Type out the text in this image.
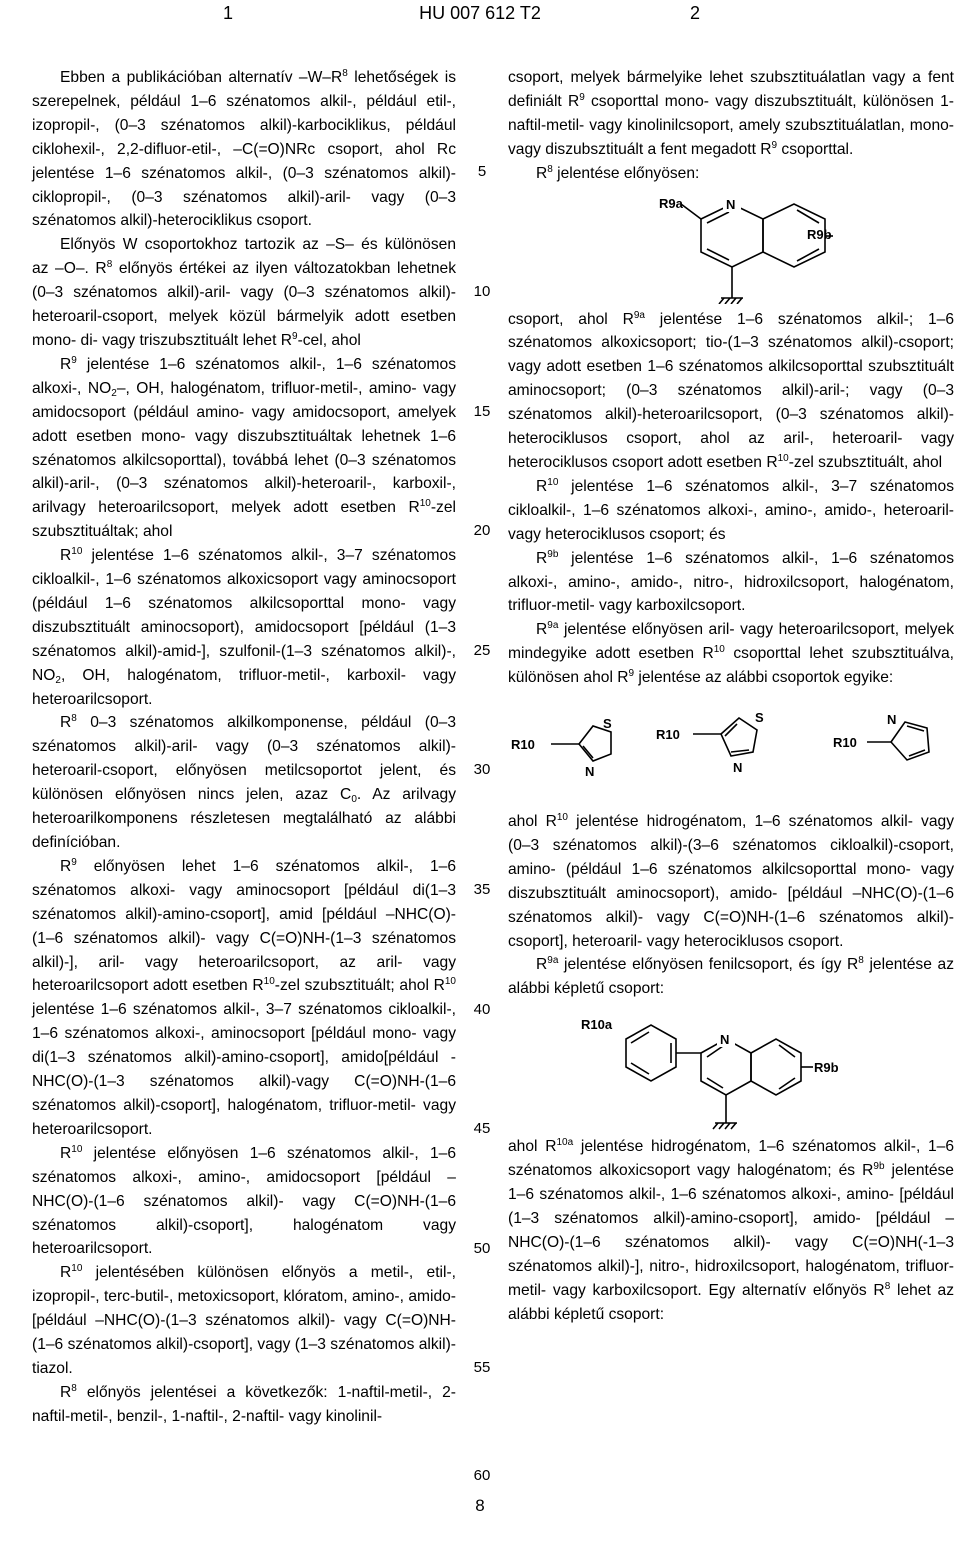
1	HU 007 612 T2	2
5
10
15
20
25
30
35
40
45
50
55
60

Ebben a publikációban alternatív $-W-R^8$ lehetőségek is szerepelnek, például 1–6 szénatomos alkil-, például etil-, izopropil-, (0–3 szénatomos alkil)-karbociklikus, például ciklohexil-, 2,2-difluor-etil-, –C(=O)NRc csoport, ahol Rc jelentése 1–6 szénatomos alkil-, (0–3 szénatomos alkil)-ciklopropil-, (0–3 szénatomos alkil)-aril- vagy (0–3 szénatomos alkil)-heterociklikus csoport.

Előnyös W csoportokhoz tartozik az –S– és különösen az –O–. $R^8$ előnyös értékei az ilyen változatokban lehetnek (0–3 szénatomos alkil)-aril- vagy (0–3 szénatomos alkil)-heteroaril-csoport, melyek közül bármelyik adott esetben mono- di- vagy triszubsztituált lehet $R^9$-cel, ahol

$R^9$ jelentése 1–6 szénatomos alkil-, 1–6 szénatomos alkoxi-, $NO_2-$, OH, halogénatom, trifluor-metil-, amino- vagy amidocsoport (például amino- vagy amidocsoport, amelyek adott esetben mono- vagy diszubsztituáltak lehetnek 1–6 szénatomos alkilcsoporttal), továbbá lehet (0–3 szénatomos alkil)-aril-, (0–3 szénatomos alkil)-heteroaril-, karboxil-, arilvagy heteroarilcsoport, melyek adott esetben $R^{10}$-zel szubsztituáltak; ahol

$R^{10}$ jelentése 1–6 szénatomos alkil-, 3–7 szénatomos cikloalkil-, 1–6 szénatomos alkoxicsoport vagy aminocsoport (például 1–6 szénatomos alkilcsoporttal mono- vagy diszubsztituált aminocsoport), amidocsoport [például (1–3 szénatomos alkil)-amid-], szulfonil-(1–3 szénatomos alkil)-, $NO_2$, OH, halogénatom, trifluor-metil-, karboxil- vagy heteroarilcsoport.

$R^8$ 0–3 szénatomos alkilkomponense, például (0–3 szénatomos alkil)-aril- vagy (0–3 szénatomos alkil)-heteroaril-csoport, előnyösen metilcsoportot jelent, és különösen előnyösen nincs jelen, azaz $C_0$. Az arilvagy heteroarilkomponens részletesen megtalálható az alábbi definícióban.

$R^9$ előnyösen lehet 1–6 szénatomos alkil-, 1–6 szénatomos alkoxi- vagy aminocsoport [például di(1–3 szénatomos alkil)-amino-csoport], amid [például –NHC(O)-(1–6 szénatomos alkil)- vagy C(=O)NH-(1–3 szénatomos alkil)-], aril- vagy heteroarilcsoport, az aril- vagy heteroarilcsoport adott esetben $R^{10}$-zel szubsztituált; ahol $R^{10}$ jelentése 1–6 szénatomos alkil-, 3–7 szénatomos cikloalkil-, 1–6 szénatomos alkoxi-, aminocsoport [például mono- vagy di(1–3 szénatomos alkil)-amino-csoport], amido[például -NHC(O)-(1–3 szénatomos alkil)-vagy C(=O)NH-(1–6 szénatomos alkil)-csoport], halogénatom, trifluor-metil- vagy heteroarilcsoport.

$R^{10}$ jelentése előnyösen 1–6 szénatomos alkil-, 1–6 szénatomos alkoxi-, amino-, amidocsoport [például –NHC(O)-(1–6 szénatomos alkil)- vagy C(=O)NH-(1–6 szénatomos alkil)-csoport], halogénatom vagy heteroarilcsoport.

$R^{10}$ jelentésében különösen előnyös a metil-, etil-, izopropil-, terc-butil-, metoxicsoport, klóratom, amino-, amido- [például –NHC(O)-(1–3 szénatomos alkil)- vagy C(=O)NH-(1–6 szénatomos alkil)-csoport], vagy (1–3 szénatomos alkil)-tiazol.

$R^8$ előnyös jelentései a következők: 1-naftil-metil-, 2-naftil-metil-, benzil-, 1-naftil-, 2-naftil- vagy kinolinil-

csoport, melyek bármelyike lehet szubsztituálatlan vagy a fent definiált $R^9$ csoporttal mono- vagy diszubsztituált, különösen 1-naftil-metil- vagy kinolinilcsoport, amely szubsztituálatlan, mono- vagy diszubsztituált a fent megadott $R^9$ csoporttal.

$R^8$ jelentése előnyösen:

R9a	N
R9b

csoport, ahol $R^{9a}$ jelentése 1–6 szénatomos alkil-; 1–6 szénatomos alkoxicsoport; tio-(1–3 szénatomos alkil)-csoport; vagy adott esetben 1–6 szénatomos alkilcsoporttal szubsztituált aminocsoport; (0–3 szénatomos alkil)-aril-; vagy (0–3 szénatomos alkil)-heteroarilcsoport, (0–3 szénatomos alkil)-heterociklusos csoport, ahol az aril-, heteroaril- vagy heterociklusos csoport adott esetben $R^{10}$-zel szubsztituált, ahol

$R^{10}$ jelentése 1–6 szénatomos alkil-, 3–7 szénatomos cikloalkil-, 1–6 szénatomos alkoxi-, amino-, amido-, heteroaril- vagy heterociklusos csoport; és

$R^{9b}$ jelentése 1–6 szénatomos alkil-, 1–6 szénatomos alkoxi-, amino-, amido-, nitro-, hidroxilcsoport, halogénatom, trifluor-metil- vagy karboxilcsoport.

$R^{9a}$ jelentése előnyösen aril- vagy heteroarilcsoport, melyek mindegyike adott esetben $R^{10}$ csoporttal lehet szubsztituálva, különösen ahol $R^9$ jelentése az alábbi csoportok egyike:

R10
S
N
R10
S
N
R10
N

ahol $R^{10}$ jelentése hidrogénatom, 1–6 szénatomos alkil- vagy (0–3 szénatomos alkil)-(3–6 szénatomos cikloalkil)-csoport, amino- (például 1–6 szénatomos alkilcsoporttal mono- vagy diszubsztituált aminocsoport), amido- [például –NHC(O)-(1–6 szénatomos alkil)- vagy C(=O)NH-(1–6 szénatomos alkil)-csoport], heteroaril- vagy heterociklusos csoport.

$R^{9a}$ jelentése előnyösen fenilcsoport, és így $R^8$ jelentése az alábbi képletű csoport:

R10a
N
R9b

ahol $R^{10a}$ jelentése hidrogénatom, 1–6 szénatomos alkil-, 1–6 szénatomos alkoxicsoport vagy halogénatom; és $R^{9b}$ jelentése 1–6 szénatomos alkil-, 1–6 szénatomos alkoxi-, amino- [például (1–3 szénatomos alkil)-amino-csoport], amido- [például –NHC(O)-(1–6 szénatomos alkil)- vagy C(=O)NH(-1–3 szénatomos alkil)-], nitro-, hidroxilcsoport, halogénatom, trifluor-metil- vagy karboxilcsoport. Egy alternatív előnyös $R^8$ lehet az alábbi képletű csoport:

8
